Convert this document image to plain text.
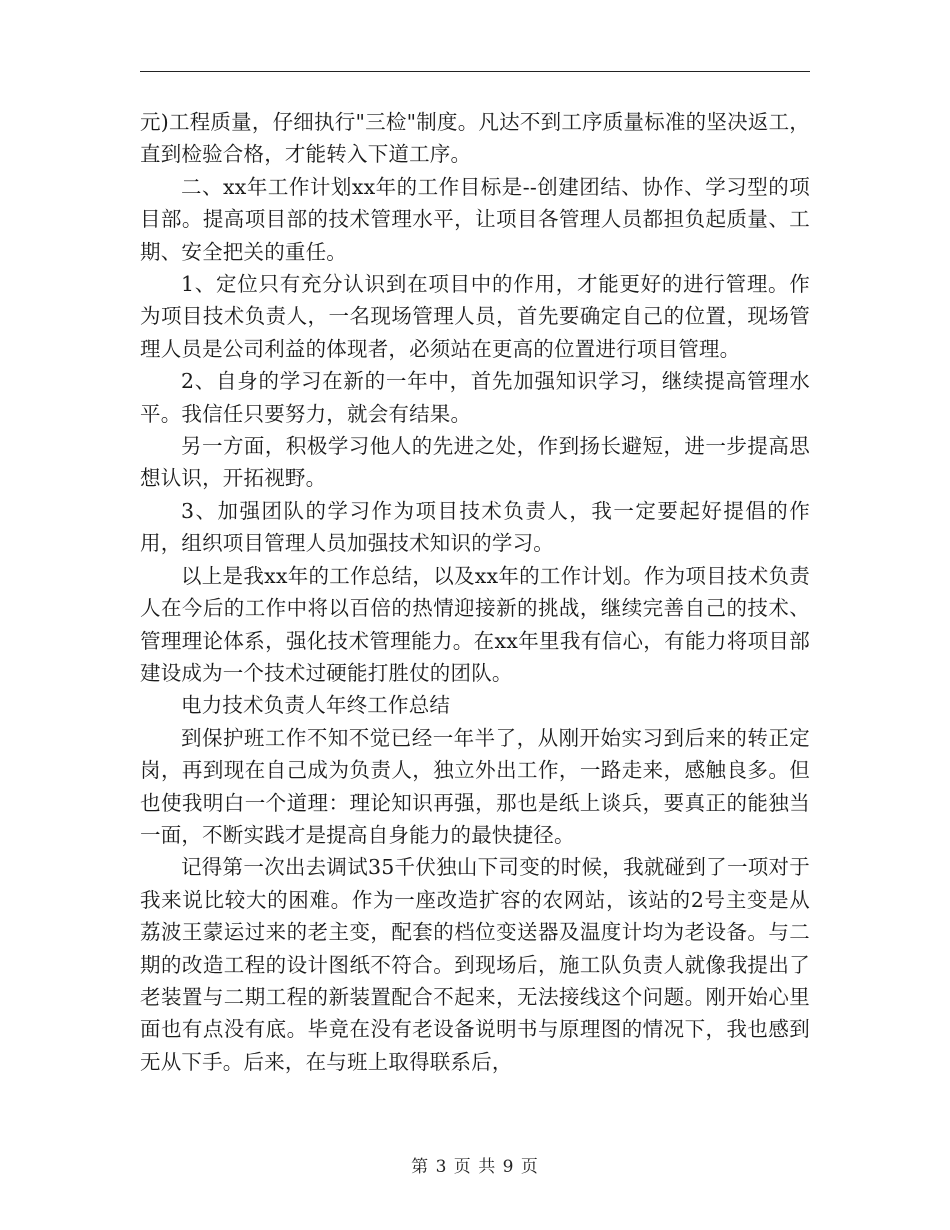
元)工程质量，仔细执行"三检"制度。凡达不到工序质量标准的坚决返工，直到检验合格，才能转入下道工序。

二、xx年工作计划xx年的工作目标是--创建团结、协作、学习型的项目部。提高项目部的技术管理水平，让项目各管理人员都担负起质量、工期、安全把关的重任。

1、定位只有充分认识到在项目中的作用，才能更好的进行管理。作为项目技术负责人，一名现场管理人员，首先要确定自己的位置，现场管理人员是公司利益的体现者，必须站在更高的位置进行项目管理。

2、自身的学习在新的一年中，首先加强知识学习，继续提高管理水平。我信任只要努力，就会有结果。

另一方面，积极学习他人的先进之处，作到扬长避短，进一步提高思想认识，开拓视野。

3、加强团队的学习作为项目技术负责人，我一定要起好提倡的作用，组织项目管理人员加强技术知识的学习。

以上是我xx年的工作总结，以及xx年的工作计划。作为项目技术负责人在今后的工作中将以百倍的热情迎接新的挑战，继续完善自己的技术、管理理论体系，强化技术管理能力。在xx年里我有信心，有能力将项目部建设成为一个技术过硬能打胜仗的团队。

电力技术负责人年终工作总结

到保护班工作不知不觉已经一年半了，从刚开始实习到后来的转正定岗，再到现在自己成为负责人，独立外出工作，一路走来，感触良多。但也使我明白一个道理：理论知识再强，那也是纸上谈兵，要真正的能独当一面，不断实践才是提高自身能力的最快捷径。

记得第一次出去调试35千伏独山下司变的时候，我就碰到了一项对于我来说比较大的困难。作为一座改造扩容的农网站，该站的2号主变是从荔波王蒙运过来的老主变，配套的档位变送器及温度计均为老设备。与二期的改造工程的设计图纸不符合。到现场后，施工队负责人就像我提出了老装置与二期工程的新装置配合不起来，无法接线这个问题。刚开始心里面也有点没有底。毕竟在没有老设备说明书与原理图的情况下，我也感到无从下手。后来，在与班上取得联系后，

第 3 页 共 9 页
